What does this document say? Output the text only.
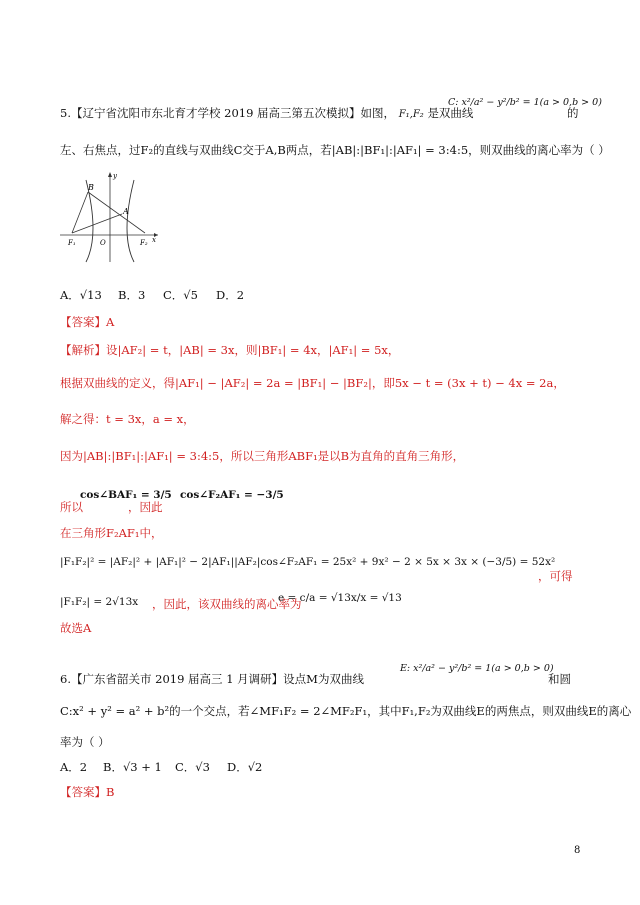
5.【辽宁省沈阳市东北育才学校 2019 届高三第五次模拟】如图， F₁,F₂ 是双曲线
C: x²/a² − y²/b² = 1(a > 0,b > 0)
的
左、右焦点，过F₂的直线与双曲线C交于A,B两点，若|AB|:|BF₁|:|AF₁| = 3:4:5，则双曲线的离心率为（ ）
B
A
F₁	O	F₂ x
y
A．√13 B．3 C．√5 D．2
【答案】A
【解析】设|AF₂| = t，|AB| = 3x，则|BF₁| = 4x，|AF₁| = 5x，
根据双曲线的定义，得|AF₁| − |AF₂| = 2a = |BF₁| − |BF₂|，即5x − t = (3x + t) − 4x = 2a，
解之得：t = 3x，a = x，
因为|AB|:|BF₁|:|AF₁| = 3:4:5，所以三角形ABF₁是以B为直角的直角三角形，
cos∠BAF₁ = 3/5 cos∠F₂AF₁ = −3/5
所以	，因此
在三角形F₂AF₁中，
|F₁F₂|² = |AF₂|² + |AF₁|² − 2|AF₁||AF₂|cos∠F₂AF₁ = 25x² + 9x² − 2 × 5x × 3x × (−3/5) = 52x²
，可得
|F₁F₂| = 2√13x ，因此，该双曲线的离心率为
e = c/a = √13x/x = √13
故选A
6.【广东省韶关市 2019 届高三 1 月调研】设点M为双曲线
E: x²/a² − y²/b² = 1(a > 0,b > 0)
和圆
C:x² + y² = a² + b²的一个交点，若∠MF₁F₂ = 2∠MF₂F₁，其中F₁,F₂为双曲线E的两焦点，则双曲线E的离心
率为（ ）
A．2 B．√3 + 1 C．√3 D．√2
【答案】B
8
